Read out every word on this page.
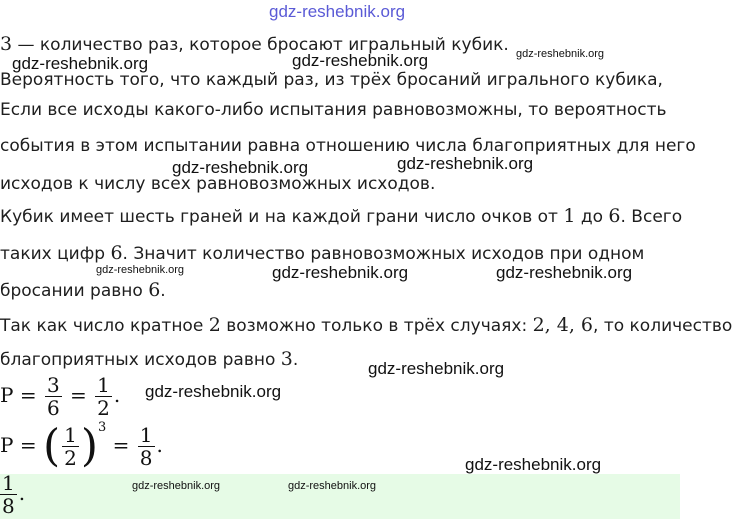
gdz-reshebnik.org
3 — количество раз, которое бросают игральный кубик. gdz-reshebnik.org
gdz-reshebnik.org	gdz-reshebnik.org
Вероятность того, что каждый раз, из трёх бросаний игрального кубика,
Если все исходы какого-либо испытания равновозможны, то вероятность
события в этом испытании равна отношению числа благоприятных для него
gdz-reshebnik.org	gdz-reshebnik.org
исходов к числу всех равновозможных исходов.
Кубик имеет шесть граней и на каждой грани число очков от 1 до 6. Всего
таких цифр 6. Значит количество равновозможных исходов при одном
gdz-reshebnik.org	gdz-reshebnik.org	gdz-reshebnik.org
бросании равно 6.
Так как число кратное 2 возможно только в трёх случаях: 2, 4, 6, то количество
благоприятных исходов равно 3.	gdz-reshebnik.org
$P = \frac{3}{6} = \frac{1}{2}$ . gdz-reshebnik.org
P = ( $\frac{1}{2} )^3 = \frac{1}{8}$ .
gdz-reshebnik.org
$\frac{1}{8}$ .	gdz-reshebnik.org	gdz-reshebnik.org
